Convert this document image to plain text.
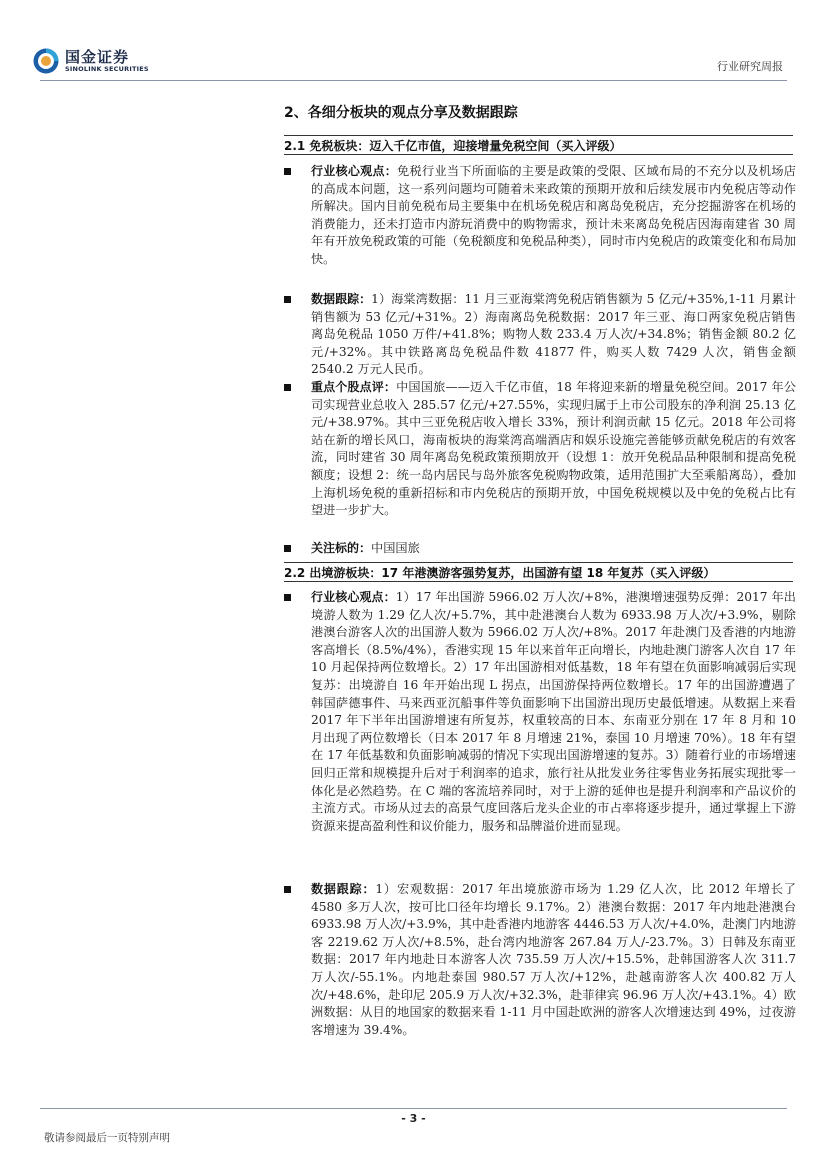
国金证券
SINOLINK SECURITIES	行业研究周报
2、各细分板块的观点分享及数据跟踪
2.1 免税板块：迈入千亿市值，迎接增量免税空间（买入评级）
行业核心观点：免税行业当下所面临的主要是政策的受限、区域布局的不充分以及机场店的高成本问题，这一系列问题均可随着未来政策的预期开放和后续发展市内免税店等动作所解决。国内目前免税布局主要集中在机场免税店和离岛免税店，充分挖掘游客在机场的消费能力，还未打造市内游玩消费中的购物需求，预计未来离岛免税店因海南建省 30 周年有开放免税政策的可能（免税额度和免税品种类），同时市内免税店的政策变化和布局加快。
数据跟踪：1）海棠湾数据：11 月三亚海棠湾免税店销售额为 5 亿元/+35%,1-11 月累计销售额为 53 亿元/+31%。2）海南离岛免税数据：2017 年三亚、海口两家免税店销售离岛免税品 1050 万件/+41.8%；购物人数 233.4 万人次/+34.8%；销售金额 80.2 亿元/+32%。其中铁路离岛免税品件数 41877 件，购买人数 7429 人次，销售金额 2540.2 万元人民币。
重点个股点评：中国国旅——迈入千亿市值，18 年将迎来新的增量免税空间。2017 年公司实现营业总收入 285.57 亿元/+27.55%，实现归属于上市公司股东的净利润 25.13 亿元/+38.97%。其中三亚免税店收入增长 33%，预计利润贡献 15 亿元。2018 年公司将站在新的增长风口，海南板块的海棠湾高端酒店和娱乐设施完善能够贡献免税店的有效客流，同时建省 30 周年离岛免税政策预期放开（设想 1：放开免税品品种限制和提高免税额度；设想 2：统一岛内居民与岛外旅客免税购物政策，适用范围扩大至乘船离岛），叠加上海机场免税的重新招标和市内免税店的预期开放，中国免税规模以及中免的免税占比有望进一步扩大。
关注标的：中国国旅
2.2 出境游板块：17 年港澳游客强势复苏，出国游有望 18 年复苏（买入评级）
行业核心观点：1）17 年出国游 5966.02 万人次/+8%，港澳增速强势反弹：2017 年出境游人数为 1.29 亿人次/+5.7%，其中赴港澳台人数为 6933.98 万人次/+3.9%，剔除港澳台游客人次的出国游人数为 5966.02 万人次/+8%。2017 年赴澳门及香港的内地游客高增长（8.5%/4%），香港实现 15 年以来首年正向增长，内地赴澳门游客人次自 17 年 10 月起保持两位数增长。2）17 年出国游相对低基数，18 年有望在负面影响减弱后实现复苏：出境游自 16 年开始出现 L 拐点，出国游保持两位数增长。17 年的出国游遭遇了韩国萨德事件、马来西亚沉船事件等负面影响下出国游出现历史最低增速。从数据上来看 2017 年下半年出国游增速有所复苏，权重较高的日本、东南亚分别在 17 年 8 月和 10 月出现了两位数增长（日本 2017 年 8 月增速 21%，泰国 10 月增速 70%）。18 年有望在 17 年低基数和负面影响减弱的情况下实现出国游增速的复苏。3）随着行业的市场增速回归正常和规模提升后对于利润率的追求，旅行社从批发业务往零售业务拓展实现批零一体化是必然趋势。在 C 端的客流培养同时，对于上游的延伸也是提升利润率和产品议价的主流方式。市场从过去的高景气度回落后龙头企业的市占率将逐步提升，通过掌握上下游资源来提高盈利性和议价能力，服务和品牌溢价进而显现。
数据跟踪：1）宏观数据：2017 年出境旅游市场为 1.29 亿人次，比 2012 年增长了 4580 多万人次，按可比口径年均增长 9.17%。2）港澳台数据：2017 年内地赴港澳台 6933.98 万人次/+3.9%，其中赴香港内地游客 4446.53 万人次/+4.0%，赴澳门内地游客 2219.62 万人次/+8.5%，赴台湾内地游客 267.84 万人/-23.7%。3）日韩及东南亚数据：2017 年内地赴日本游客人次 735.59 万人次/+15.5%，赴韩国游客人次 311.7 万人次/-55.1%。内地赴泰国 980.57 万人次/+12%，赴越南游客人次 400.82 万人次/+48.6%，赴印尼 205.9 万人次/+32.3%，赴菲律宾 96.96 万人次/+43.1%。4）欧洲数据：从目的地国家的数据来看 1-11 月中国赴欧洲的游客人次增速达到 49%，过夜游客增速为 39.4%。
- 3 -
敬请参阅最后一页特别声明
